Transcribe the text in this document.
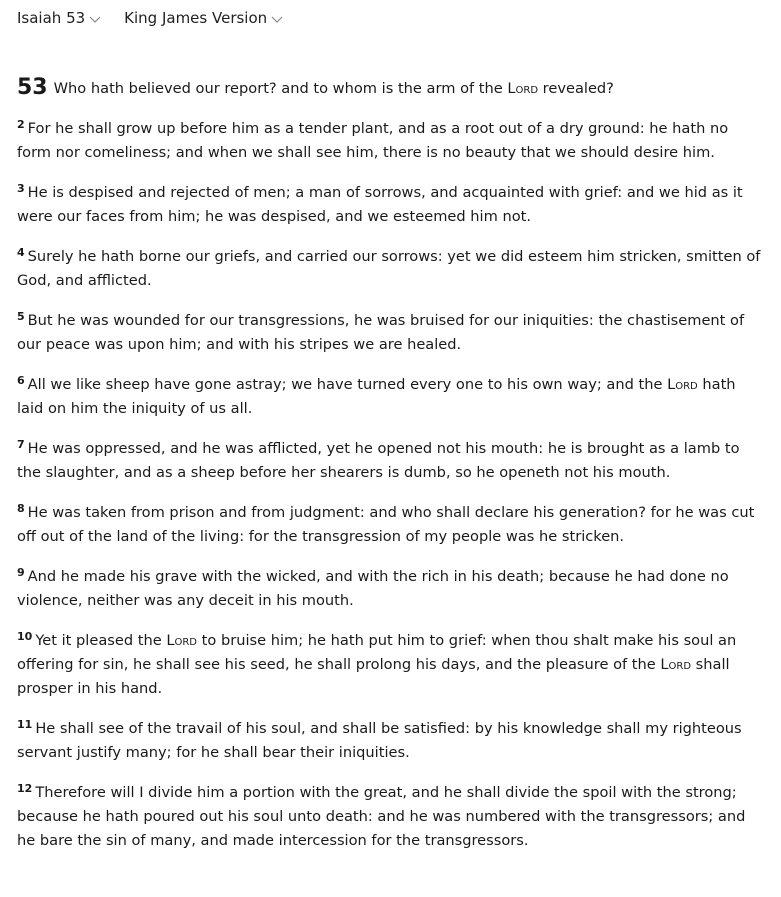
Isaiah 53	King James Version

53 Who hath believed our report? and to whom is the arm of the Lord revealed?

$^2$ For he shall grow up before him as a tender plant, and as a root out of a dry ground: he hath no form nor comeliness; and when we shall see him, there is no beauty that we should desire him.

$^3$ He is despised and rejected of men; a man of sorrows, and acquainted with grief: and we hid as it were our faces from him; he was despised, and we esteemed him not.

$^4$ Surely he hath borne our griefs, and carried our sorrows: yet we did esteem him stricken, smitten of God, and afflicted.

$^5$ But he was wounded for our transgressions, he was bruised for our iniquities: the chastisement of our peace was upon him; and with his stripes we are healed.

$^6$ All we like sheep have gone astray; we have turned every one to his own way; and the Lord hath laid on him the iniquity of us all.

$^7$ He was oppressed, and he was afflicted, yet he opened not his mouth: he is brought as a lamb to the slaughter, and as a sheep before her shearers is dumb, so he openeth not his mouth.

$^8$ He was taken from prison and from judgment: and who shall declare his generation? for he was cut off out of the land of the living: for the transgression of my people was he stricken.

$^9$ And he made his grave with the wicked, and with the rich in his death; because he had done no violence, neither was any deceit in his mouth.

$^{10}$ Yet it pleased the Lord to bruise him; he hath put him to grief: when thou shalt make his soul an offering for sin, he shall see his seed, he shall prolong his days, and the pleasure of the Lord shall prosper in his hand.

$^{11}$ He shall see of the travail of his soul, and shall be satisfied: by his knowledge shall my righteous servant justify many; for he shall bear their iniquities.

$^{12}$ Therefore will I divide him a portion with the great, and he shall divide the spoil with the strong; because he hath poured out his soul unto death: and he was numbered with the transgressors; and he bare the sin of many, and made intercession for the transgressors.
